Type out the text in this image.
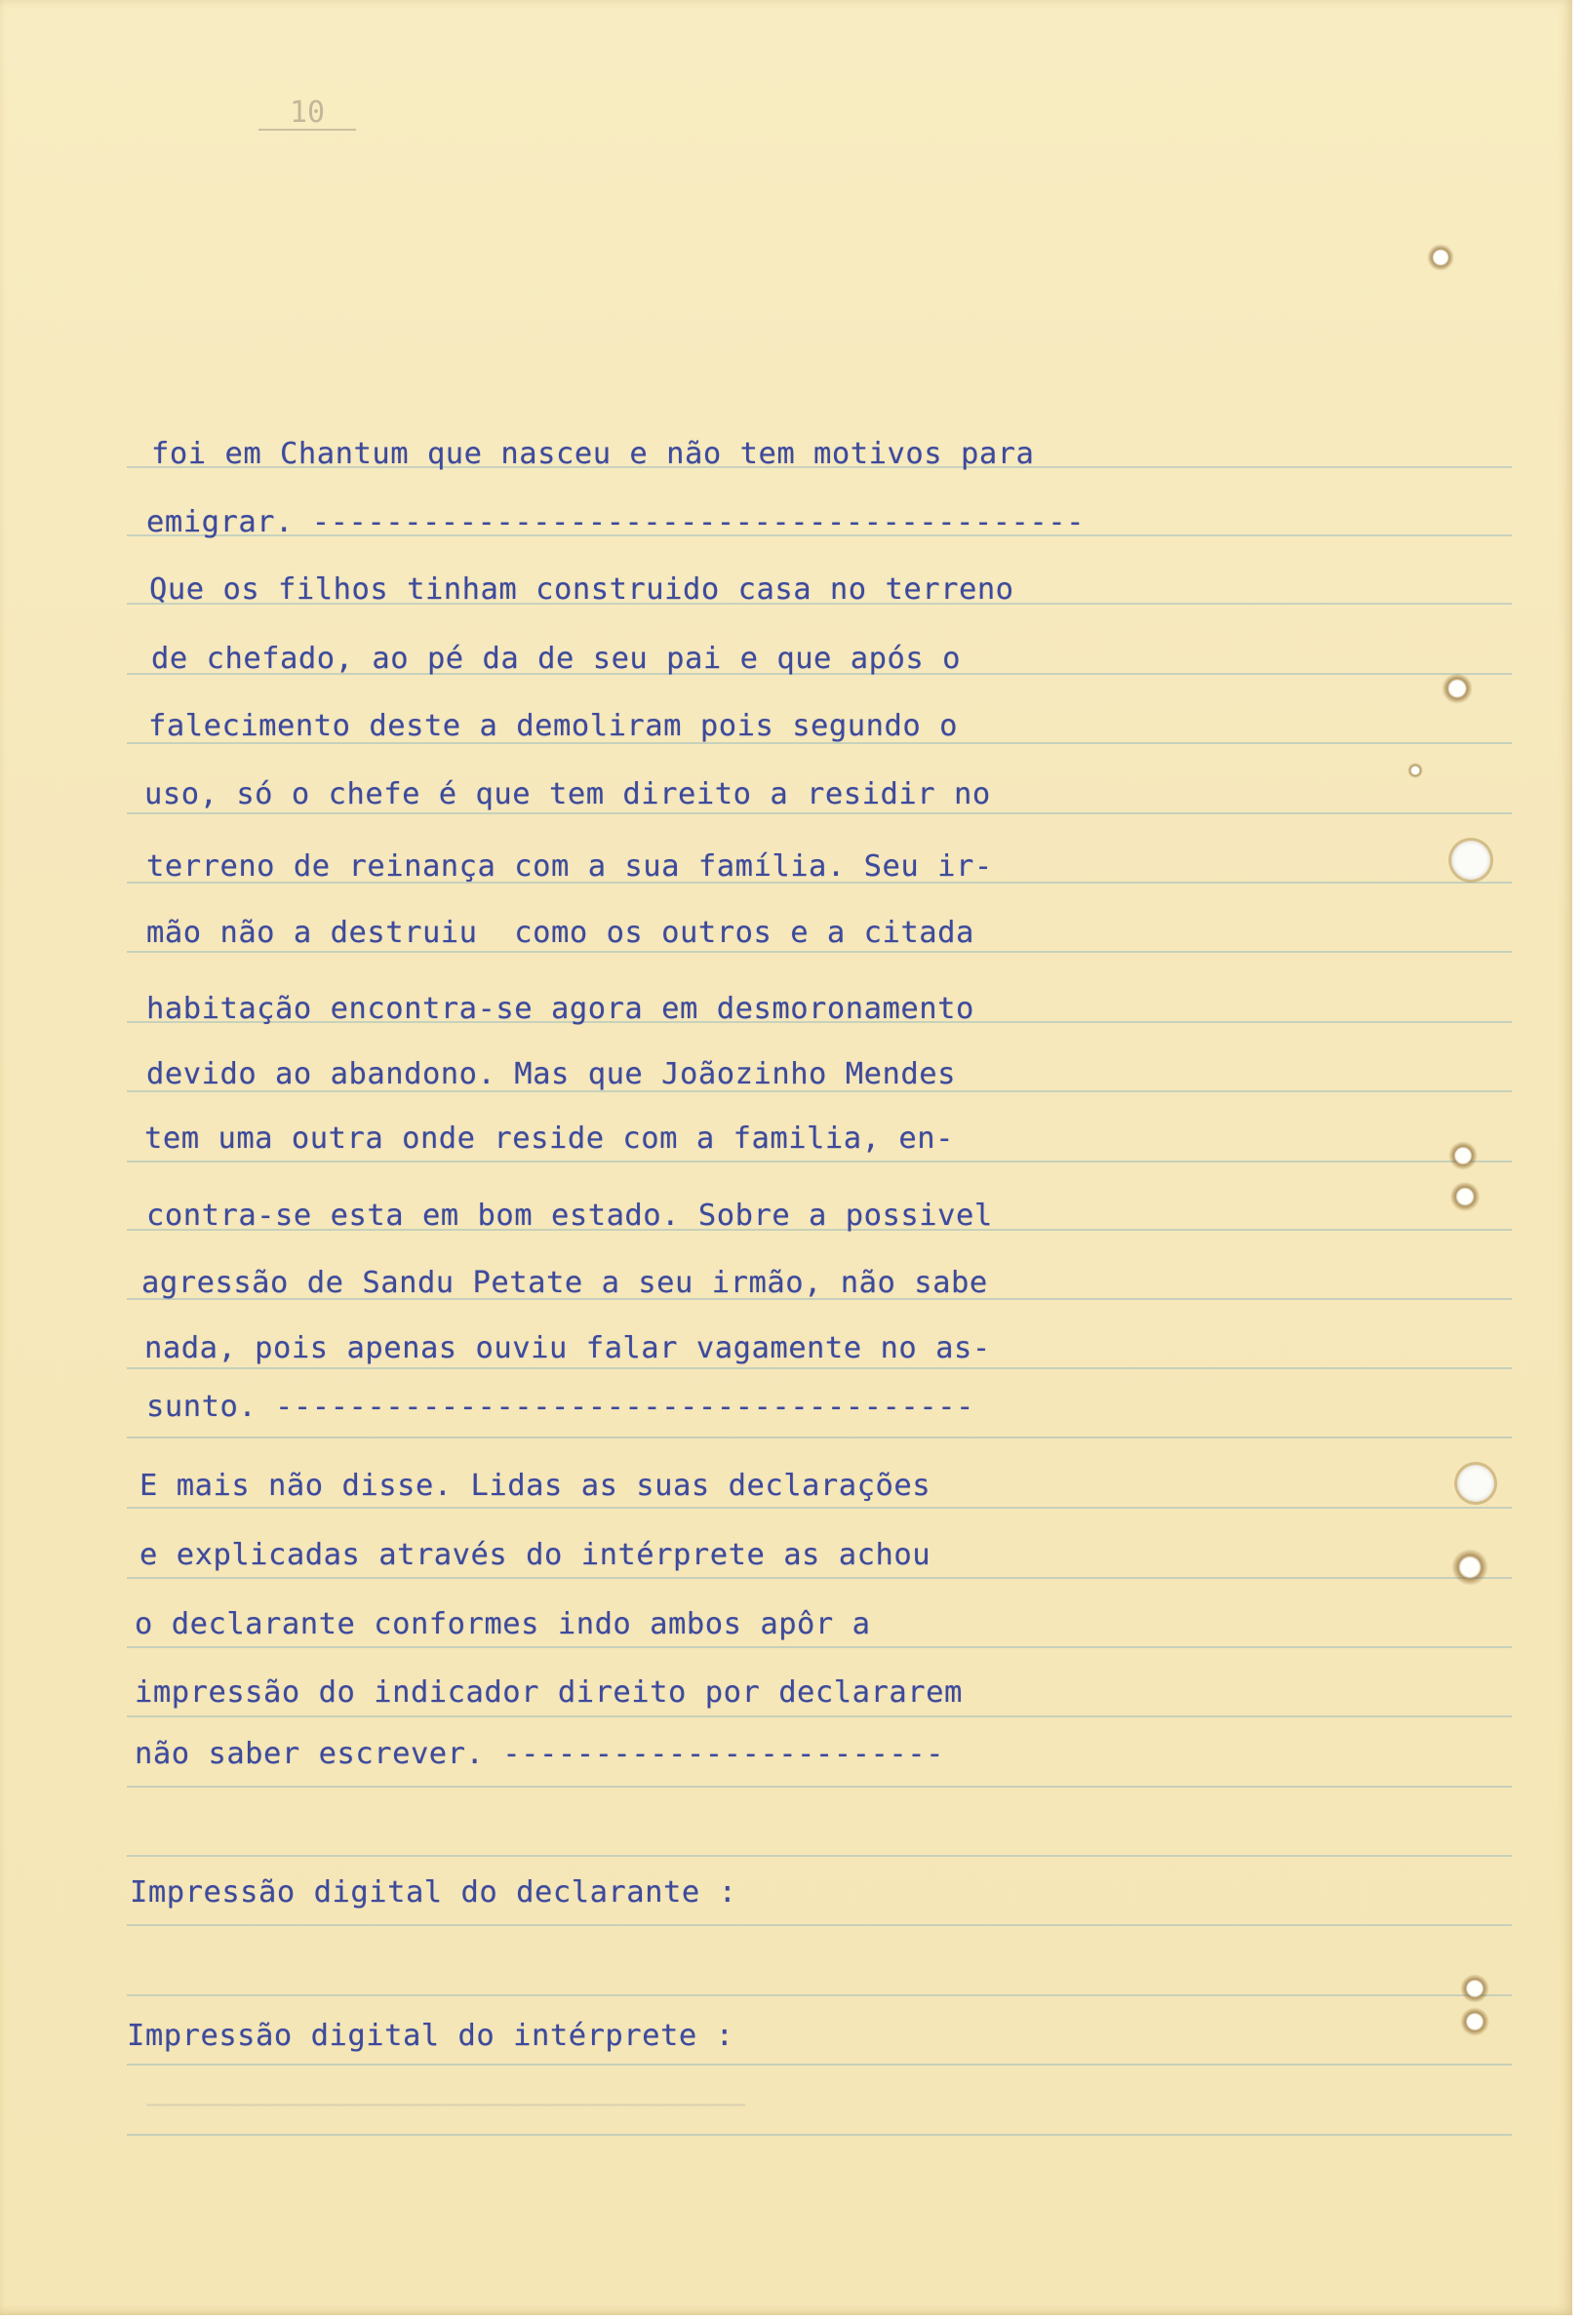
——————————————————————————————————
10
foi em Chantum que nasceu e não tem motivos para
emigrar. ------------------------------------------
Que os filhos tinham construido casa no terreno
de chefado, ao pé da de seu pai e que após o
falecimento deste a demoliram pois segundo o
uso, só o chefe é que tem direito a residir no
terreno de reinança com a sua família. Seu ir-
mão não a destruiu  como os outros e a citada
habitação encontra-se agora em desmoronamento
devido ao abandono. Mas que Joãozinho Mendes
tem uma outra onde reside com a familia, en-
contra-se esta em bom estado. Sobre a possivel
agressão de Sandu Petate a seu irmão, não sabe
nada, pois apenas ouviu falar vagamente no as-
sunto. --------------------------------------
E mais não disse. Lidas as suas declarações
e explicadas através do intérprete as achou
o declarante conformes indo ambos apôr a
impressão do indicador direito por declararem
não saber escrever. ------------------------
Impressão digital do declarante :
Impressão digital do intérprete :
